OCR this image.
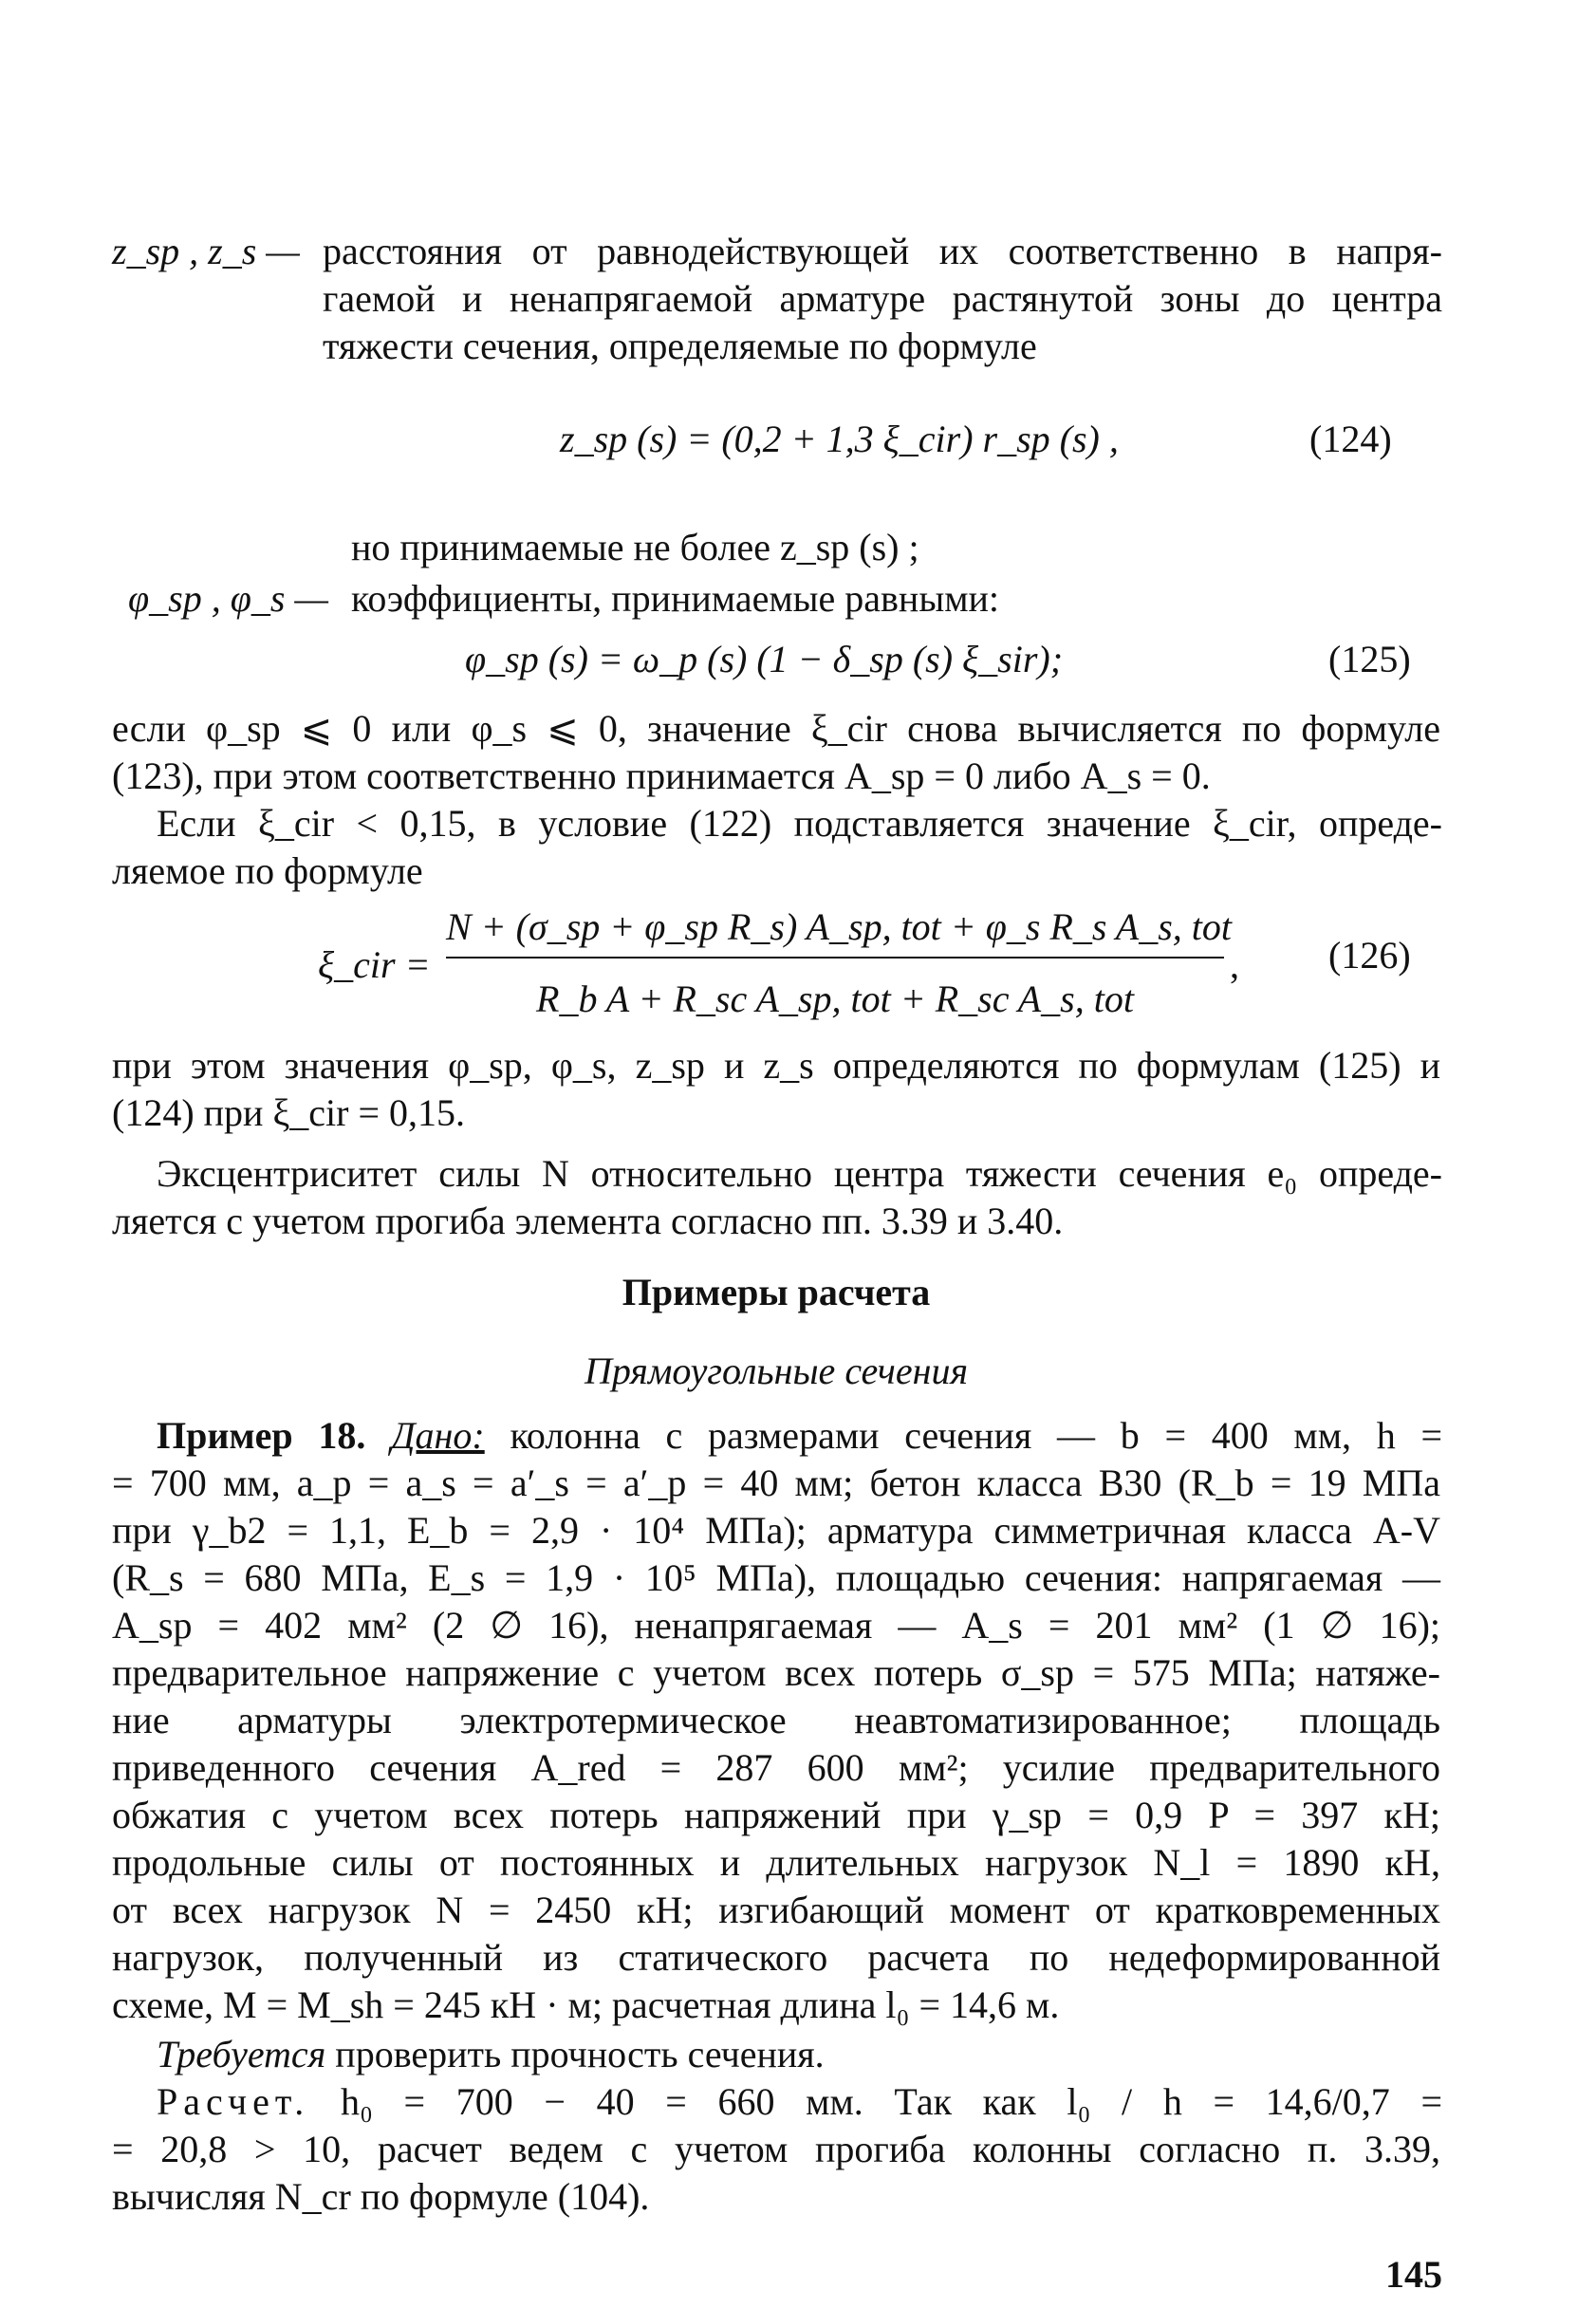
z_sp , z_s — расстояния от равнодействующей их соответственно в напря-
гаемой и ненапрягаемой арматуре растянутой зоны до центра
тяжести сечения, определяемые по формуле
z_sp (s) = (0,2 + 1,3 ξ_cir) r_sp (s) ,	(124)
но принимаемые не более z_sp (s) ;
φ_sp , φ_s — коэффициенты, принимаемые равными:
φ_sp (s) = ω_p (s) (1 − δ_sp (s) ξ_sir);	(125)
если φ_sp ⩽ 0 или φ_s ⩽ 0, значение ξ_cir снова вычисляется по формуле
(123), при этом соответственно принимается A_sp = 0 либо A_s = 0.
Если ξ_cir < 0,15, в условие (122) подставляется значение ξ_cir, опреде-
ляемое по формуле
ξ_cir =
N + (σ_sp + φ_sp R_s) A_sp, tot + φ_s R_s A_s, tot
R_b A + R_sc A_sp, tot + R_sc A_s, tot
, (126)
при этом значения φ_sp, φ_s, z_sp и z_s определяются по формулам (125) и
(124) при ξ_cir = 0,15.
Эксцентриситет силы N относительно центра тяжести сечения e₀ опреде-
ляется с учетом прогиба элемента согласно пп. 3.39 и 3.40.
Примеры расчета
Прямоугольные сечения
Пример 18. Дано: колонна с размерами сечения — b = 400 мм, h =
= 700 мм, a_p = a_s = a′_s = a′_p = 40 мм; бетон класса B30 (R_b = 19 МПа
при γ_b2 = 1,1, E_b = 2,9 · 10⁴ МПа); арматура симметричная класса A-V
(R_s = 680 МПа, E_s = 1,9 · 10⁵ МПа), площадью сечения: напрягаемая —
A_sp = 402 мм² (2 ∅ 16), ненапрягаемая — A_s = 201 мм² (1 ∅ 16);
предварительное напряжение с учетом всех потерь σ_sp = 575 МПа; натяже-
ние арматуры электротермическое неавтоматизированное; площадь
приведенного сечения A_red = 287 600 мм²; усилие предварительного
обжатия с учетом всех потерь напряжений при γ_sp = 0,9 P = 397 кН;
продольные силы от постоянных и длительных нагрузок N_l = 1890 кН,
от всех нагрузок N = 2450 кН; изгибающий момент от кратковременных
нагрузок, полученный из статического расчета по недеформированной
схеме, M = M_sh = 245 кН · м; расчетная длина l₀ = 14,6 м.
Требуется проверить прочность сечения.
Расчет. h₀ = 700 − 40 = 660 мм. Так как l₀ / h = 14,6/0,7 =
= 20,8 > 10, расчет ведем с учетом прогиба колонны согласно п. 3.39,
вычисляя N_cr по формуле (104).
145
